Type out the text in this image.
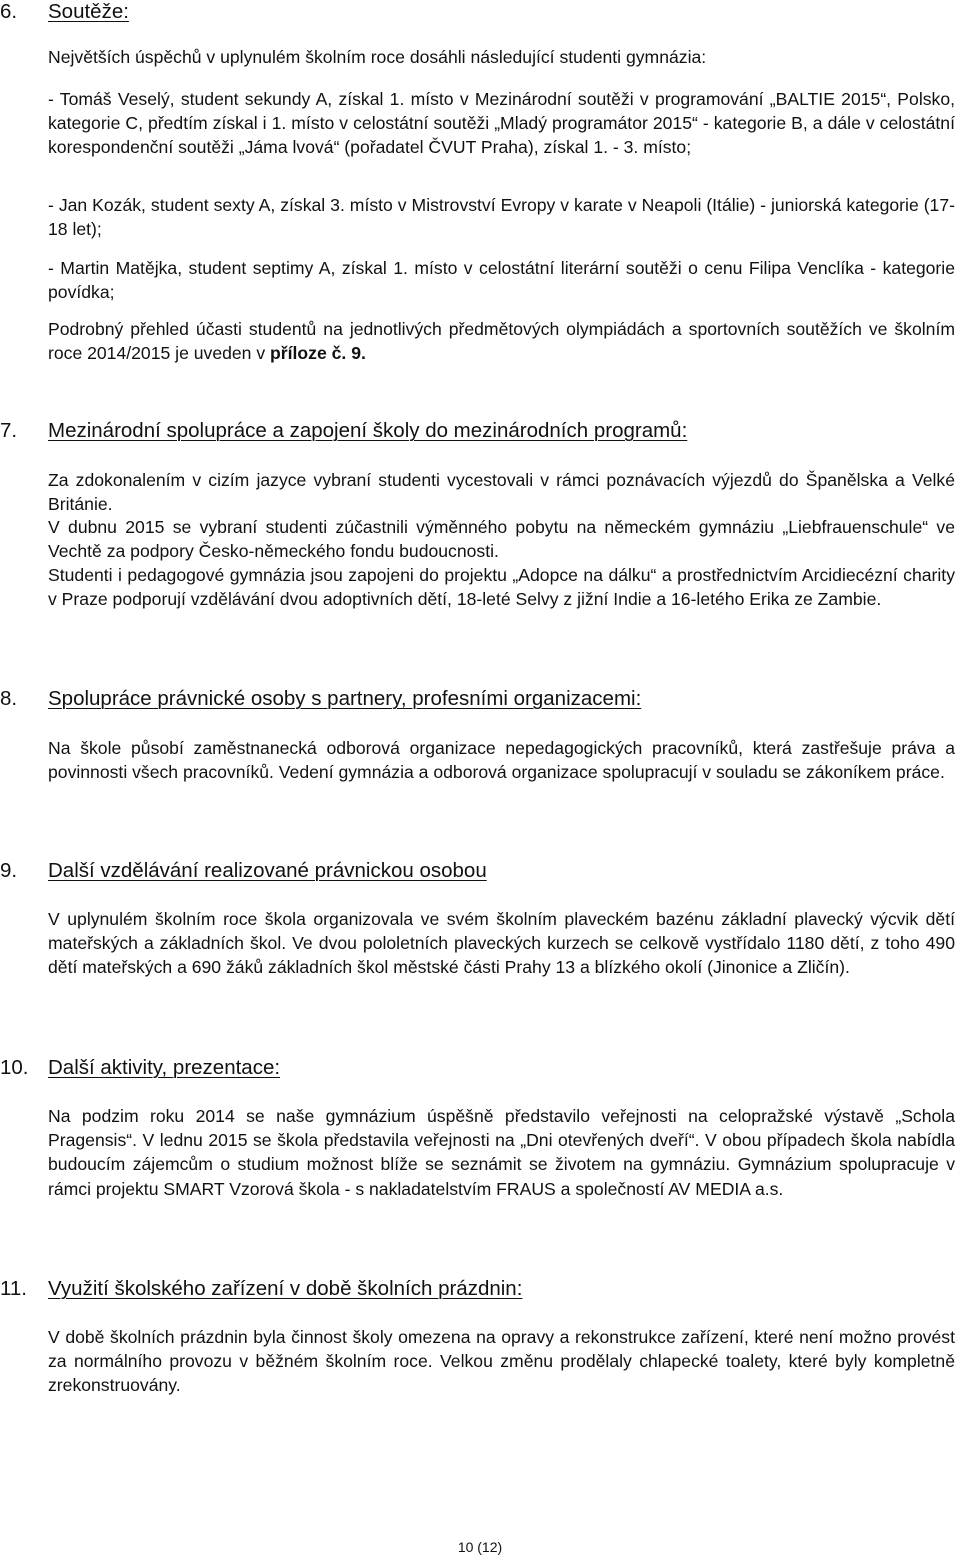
6. Soutěže:

Největších úspěchů v uplynulém školním roce dosáhli následující studenti gymnázia:

- Tomáš Veselý, student sekundy A, získal 1. místo v Mezinárodní soutěži v programování „BALTIE 2015“, Polsko, kategorie C, předtím získal i 1. místo v celostátní soutěži „Mladý programátor 2015“ - kategorie B, a dále v celostátní korespondenční soutěži „Jáma lvová“ (pořadatel ČVUT Praha), získal 1. - 3. místo;

- Jan Kozák, student sexty A, získal 3. místo v Mistrovství Evropy v karate v Neapoli (Itálie) - juniorská kategorie (17-18 let);

- Martin Matějka, student septimy A, získal 1. místo v celostátní literární soutěži o cenu Filipa Venclíka - kategorie povídka;

Podrobný přehled účasti studentů na jednotlivých předmětových olympiádách a sportovních soutěžích ve školním roce 2014/2015 je uveden v příloze č. 9.

7. Mezinárodní spolupráce a zapojení školy do mezinárodních programů:

Za zdokonalením v cizím jazyce vybraní studenti vycestovali v rámci poznávacích výjezdů do Španělska a Velké Británie.

V dubnu 2015 se vybraní studenti zúčastnili výměnného pobytu na německém gymnáziu „Liebfrauenschule“ ve Vechtě za podpory Česko-německého fondu budoucnosti.

Studenti i pedagogové gymnázia jsou zapojeni do projektu „Adopce na dálku“ a prostřednictvím Arcidiecézní charity v Praze podporují vzdělávání dvou adoptivních dětí, 18-leté Selvy z jižní Indie a 16-letého Erika ze Zambie.

8. Spolupráce právnické osoby s partnery, profesními organizacemi:

Na škole působí zaměstnanecká odborová organizace nepedagogických pracovníků, která zastřešuje práva a povinnosti všech pracovníků. Vedení gymnázia a odborová organizace spolupracují v souladu se zákoníkem práce.

9. Další vzdělávání realizované právnickou osobou

V uplynulém školním roce škola organizovala ve svém školním plaveckém bazénu základní plavecký výcvik dětí mateřských a základních škol. Ve dvou pololetních plaveckých kurzech se celkově vystřídalo 1180 dětí, z toho 490 dětí mateřských a 690 žáků základních škol městské části Prahy 13 a blízkého okolí (Jinonice a Zličín).

10. Další aktivity, prezentace:

Na podzim roku 2014 se naše gymnázium úspěšně představilo veřejnosti na celopražské výstavě „Schola Pragensis“. V lednu 2015 se škola představila veřejnosti na „Dni otevřených dveří“. V obou případech škola nabídla budoucím zájemcům o studium možnost blíže se seznámit se životem na gymnáziu. Gymnázium spolupracuje v rámci projektu SMART Vzorová škola - s nakladatelstvím FRAUS a společností AV MEDIA a.s.

11. Využití školského zařízení v době školních prázdnin:

V době školních prázdnin byla činnost školy omezena na opravy a rekonstrukce zařízení, které není možno provést za normálního provozu v běžném školním roce. Velkou změnu prodělaly chlapecké toalety, které byly kompletně zrekonstruovány.

10 (12)
